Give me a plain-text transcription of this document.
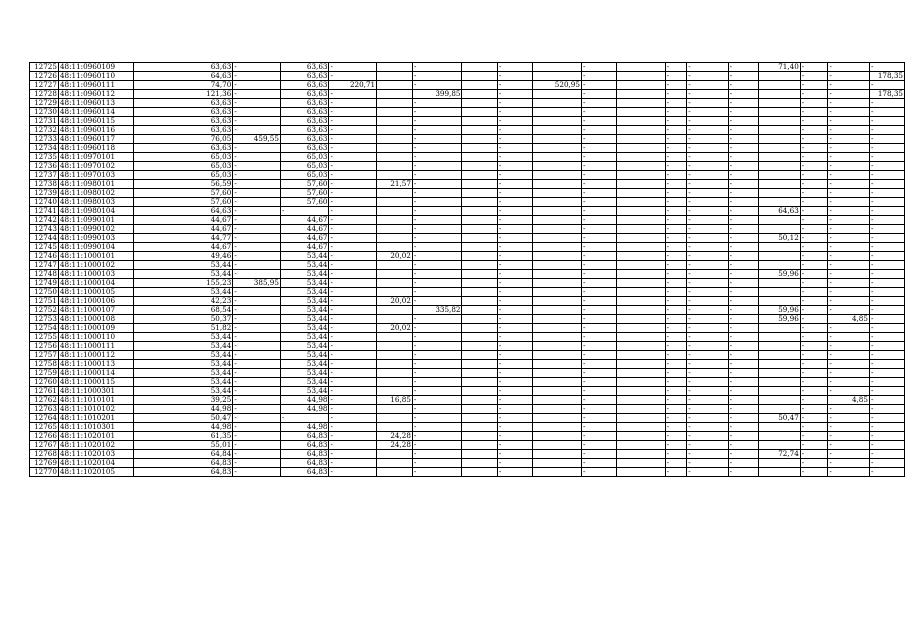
12725	48:11:0960109	63,63	-	63,63	-		-		-		-		-	-	-	71,40	-	-	-
12726	48:11:0960110	64,63	-	63,63	-		-		-		-		-	-	-		-	-	178,35
12727	48:11:0960111	74,70	-	63,63	220,71		-		-	520,95	-		-	-	-		-	-	-
12728	48:11:0960112	121,36	-	63,63	-		399,85		-		-		-	-	-		-	-	178,35
12729	48:11:0960113	63,63	-	63,63	-		-		-		-		-	-	-		-	-	-
12730	48:11:0960114	63,63	-	63,63	-		-		-		-		-	-	-		-	-	-
12731	48:11:0960115	63,63	-	63,63	-		-		-		-		-	-	-		-	-	-
12732	48:11:0960116	63,63	-	63,63	-		-		-		-		-	-	-		-	-	-
12733	48:11:0960117	76,05	459,55	63,63	-		-		-		-		-	-	-		-	-	-
12734	48:11:0960118	63,63	-	63,63	-		-		-		-		-	-	-		-	-	-
12735	48:11:0970101	65,03	-	65,03	-		-		-		-		-	-	-		-	-	-
12736	48:11:0970102	65,03	-	65,03	-		-		-		-		-	-	-		-	-	-
12737	48:11:0970103	65,03	-	65,03	-		-		-		-		-	-	-		-	-	-
12738	48:11:0980101	56,59	-	57,60	-	21,57	-		-		-		-	-	-		-	-	-
12739	48:11:0980102	57,60	-	57,60	-		-		-		-		-	-	-		-	-	-
12740	48:11:0980103	57,60	-	57,60	-		-		-		-		-	-	-		-	-	-
12741	48:11:0980104	64,63	-	-	-		-		-		-		-	-	-	64,63	-	-	-
12742	48:11:0990101	44,67	-	44,67	-		-		-		-		-	-	-		-	-	-
12743	48:11:0990102	44,67	-	44,67	-		-		-		-		-	-	-		-	-	-
12744	48:11:0990103	44,77	-	44,67	-		-		-		-		-	-	-	50,12	-	-	-
12745	48:11:0990104	44,67	-	44,67	-		-		-		-		-	-	-		-	-	-
12746	48:11:1000101	49,46	-	53,44	-	20,02	-		-		-		-	-	-		-	-	-
12747	48:11:1000102	53,44	-	53,44	-		-		-		-		-	-	-		-	-	-
12748	48:11:1000103	53,44	-	53,44	-		-		-		-		-	-	-	59,96	-	-	-
12749	48:11:1000104	155,23	385,95	53,44	-		-		-		-		-	-	-		-	-	-
12750	48:11:1000105	53,44	-	53,44	-		-		-		-		-	-	-		-	-	-
12751	48:11:1000106	42,23	-	53,44	-	20,02	-		-		-		-	-	-		-	-	-
12752	48:11:1000107	68,54	-	53,44	-		335,82		-		-		-	-	-	59,96	-	-	-
12753	48:11:1000108	50,37	-	53,44	-		-		-		-		-	-	-	59,96	-	4,85	-
12754	48:11:1000109	51,82	-	53,44	-	20,02	-		-		-		-	-	-		-	-	-
12755	48:11:1000110	53,44	-	53,44	-		-		-		-		-	-	-		-	-	-
12756	48:11:1000111	53,44	-	53,44	-		-		-		-		-	-	-		-	-	-
12757	48:11:1000112	53,44	-	53,44	-		-		-		-		-	-	-		-	-	-
12758	48:11:1000113	53,44	-	53,44	-		-		-		-		-	-	-		-	-	-
12759	48:11:1000114	53,44	-	53,44	-		-		-		-		-	-	-		-	-	-
12760	48:11:1000115	53,44	-	53,44	-		-		-		-		-	-	-		-	-	-
12761	48:11:1000301	53,44	-	53,44	-		-		-		-		-	-	-		-	-	-
12762	48:11:1010101	39,25	-	44,98	-	16,85	-		-		-		-	-	-		-	4,85	-
12763	48:11:1010102	44,98	-	44,98	-		-		-		-		-	-	-		-	-	-
12764	48:11:1010201	50,47	-	-	-		-		-		-		-	-	-	50,47	-	-	-
12765	48:11:1010301	44,98	-	44,98	-		-		-		-		-	-	-		-	-	-
12766	48:11:1020101	61,35	-	64,83	-	24,28	-		-		-		-	-	-		-	-	-
12767	48:11:1020102	55,01	-	64,83	-	24,28	-		-		-		-	-	-		-	-	-
12768	48:11:1020103	64,84	-	64,83	-		-		-		-		-	-	-	72,74	-	-	-
12769	48:11:1020104	64,83	-	64,83	-		-		-		-		-	-	-		-	-	-
12770	48:11:1020105	64,83	-	64,83	-		-		-		-		-	-	-		-	-	-
